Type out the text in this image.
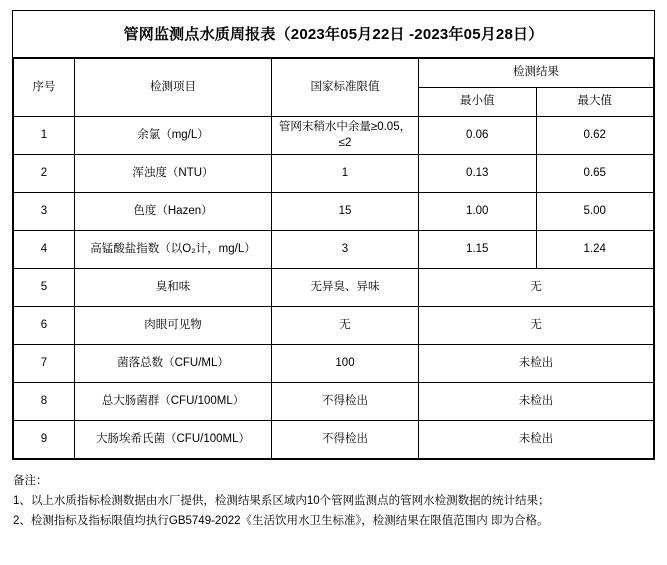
管网监测点水质周报表（2023年05月22日 -2023年05月28日）
序号	检测项目	国家标准限值	检测结果	
			最小值	最大值
1	余氯（mg/L）	管网末稍水中余量≥0.05，≤2	0.06	0.62
2	浑浊度（NTU）	1	0.13	0.65
3	色度（Hazen）	15	1.00	5.00
4	高锰酸盐指数（以O₂计，mg/L）	3	1.15	1.24
5	臭和味	无异臭、异味	无	
6	肉眼可见物	无	无	
7	菌落总数（CFU/ML）	100	未检出	
8	总大肠菌群（CFU/100ML）	不得检出	未检出	
9	大肠埃希氏菌（CFU/100ML）	不得检出	未检出	
备注：
1、以上水质指标检测数据由水厂提供，检测结果系区域内10个管网监测点的管网水检测数据的统计结果；
2、检测指标及指标限值均执行GB5749-2022《生活饮用水卫生标准》，检测结果在限值范围内 即为合格。
